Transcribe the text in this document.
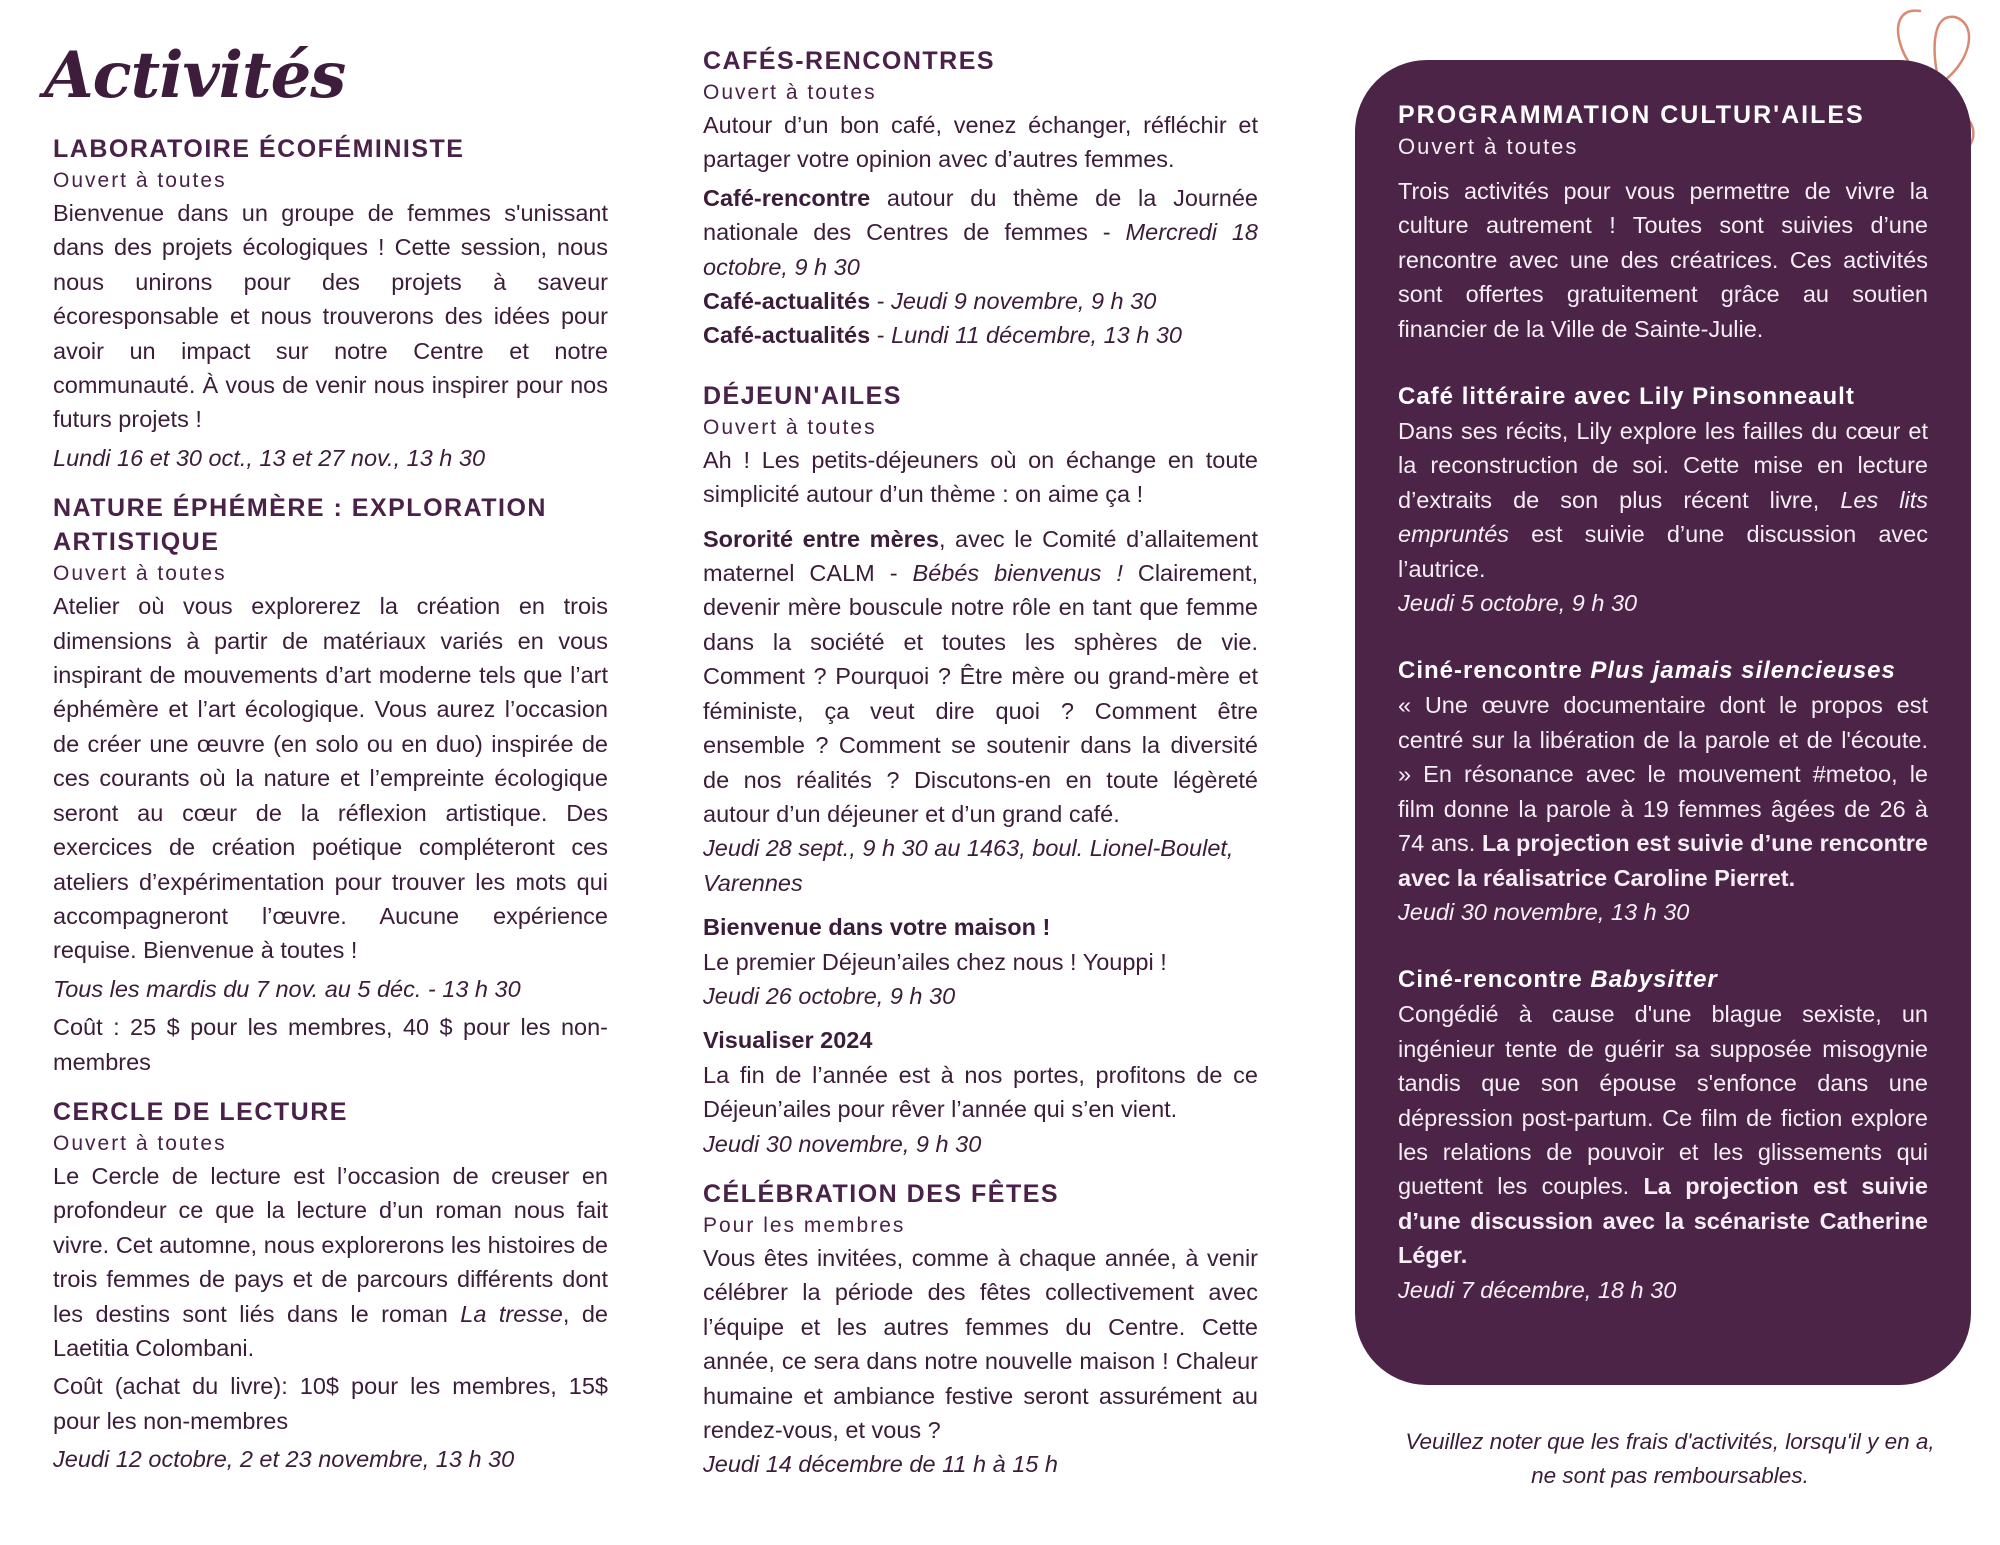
Activités
LABORATOIRE ÉCOFÉMINISTE
Ouvert à toutes

Bienvenue dans un groupe de femmes s'unissant dans des projets écologiques ! Cette session, nous nous unirons pour des projets à saveur écoresponsable et nous trouverons des idées pour avoir un impact sur notre Centre et notre communauté. À vous de venir nous inspirer pour nos futurs projets !

Lundi 16 et 30 oct., 13 et 27 nov., 13 h 30
NATURE ÉPHÉMÈRE : EXPLORATION ARTISTIQUE
Ouvert à toutes

Atelier où vous explorerez la création en trois dimensions à partir de matériaux variés en vous inspirant de mouvements d’art moderne tels que l’art éphémère et l’art écologique. Vous aurez l’occasion de créer une œuvre (en solo ou en duo) inspirée de ces courants où la nature et l’empreinte écologique seront au cœur de la réflexion artistique. Des exercices de création poétique compléteront ces ateliers d’expérimentation pour trouver les mots qui accompagneront l’œuvre. Aucune expérience requise. Bienvenue à toutes !

Tous les mardis du 7 nov. au 5 déc. - 13 h 30

Coût : 25 $ pour les membres, 40 $ pour les non-membres

CERCLE DE LECTURE
Ouvert à toutes

Le Cercle de lecture est l’occasion de creuser en profondeur ce que la lecture d’un roman nous fait vivre. Cet automne, nous explorerons les histoires de trois femmes de pays et de parcours différents dont les destins sont liés dans le roman La tresse, de Laetitia Colombani.

Coût (achat du livre): 10$ pour les membres, 15$ pour les non-membres

Jeudi 12 octobre, 2 et 23 novembre, 13 h 30
CAFÉS-RENCONTRES
Ouvert à toutes

Autour d’un bon café, venez échanger, réfléchir et partager votre opinion avec d’autres femmes.

Café-rencontre autour du thème de la Journée nationale des Centres de femmes - Mercredi 18 octobre, 9 h 30

Café-actualités - Jeudi 9 novembre, 9 h 30

Café-actualités - Lundi 11 décembre, 13 h 30

DÉJEUN'AILES
Ouvert à toutes

Ah ! Les petits-déjeuners où on échange en toute simplicité autour d’un thème : on aime ça !

Sororité entre mères, avec le Comité d’allaitement maternel CALM - Bébés bienvenus ! Clairement, devenir mère bouscule notre rôle en tant que femme dans la société et toutes les sphères de vie. Comment ? Pourquoi ? Être mère ou grand-mère et féministe, ça veut dire quoi ? Comment être ensemble ? Comment se soutenir dans la diversité de nos réalités ? Discutons-en en toute légèreté autour d’un déjeuner et d’un grand café.

Jeudi 28 sept., 9 h 30 au 1463, boul. Lionel-Boulet, Varennes

Bienvenue dans votre maison !
Le premier Déjeun’ailes chez nous ! Youppi !
Jeudi 26 octobre, 9 h 30
Visualiser 2024

La fin de l’année est à nos portes, profitons de ce Déjeun’ailes pour rêver l’année qui s’en vient.

Jeudi 30 novembre, 9 h 30
CÉLÉBRATION DES FÊTES
Pour les membres

Vous êtes invitées, comme à chaque année, à venir célébrer la période des fêtes collectivement avec l’équipe et les autres femmes du Centre. Cette année, ce sera dans notre nouvelle maison ! Chaleur humaine et ambiance festive seront assurément au rendez-vous, et vous ?

Jeudi 14 décembre de 11 h à 15 h
PROGRAMMATION CULTUR'AILES
Ouvert à toutes

Trois activités pour vous permettre de vivre la culture autrement ! Toutes sont suivies d’une rencontre avec une des créatrices. Ces activités sont offertes gratuitement grâce au soutien financier de la Ville de Sainte-Julie.

Café littéraire avec Lily Pinsonneault

Dans ses récits, Lily explore les failles du cœur et la reconstruction de soi. Cette mise en lecture d’extraits de son plus récent livre, Les lits empruntés est suivie d’une discussion avec l’autrice.

Jeudi 5 octobre, 9 h 30
Ciné-rencontre Plus jamais silencieuses

« Une œuvre documentaire dont le propos est centré sur la libération de la parole et de l'écoute. » En résonance avec le mouvement #metoo, le film donne la parole à 19 femmes âgées de 26 à 74 ans. La projection est suivie d’une rencontre avec la réalisatrice Caroline Pierret.

Jeudi 30 novembre, 13 h 30
Ciné-rencontre Babysitter

Congédié à cause d'une blague sexiste, un ingénieur tente de guérir sa supposée misogynie tandis que son épouse s'enfonce dans une dépression post-partum. Ce film de fiction explore les relations de pouvoir et les glissements qui guettent les couples. La projection est suivie d’une discussion avec la scénariste Catherine Léger.

Jeudi 7 décembre, 18 h 30
Veuillez noter que les frais d'activités, lorsqu'il y en a, ne sont pas remboursables.
